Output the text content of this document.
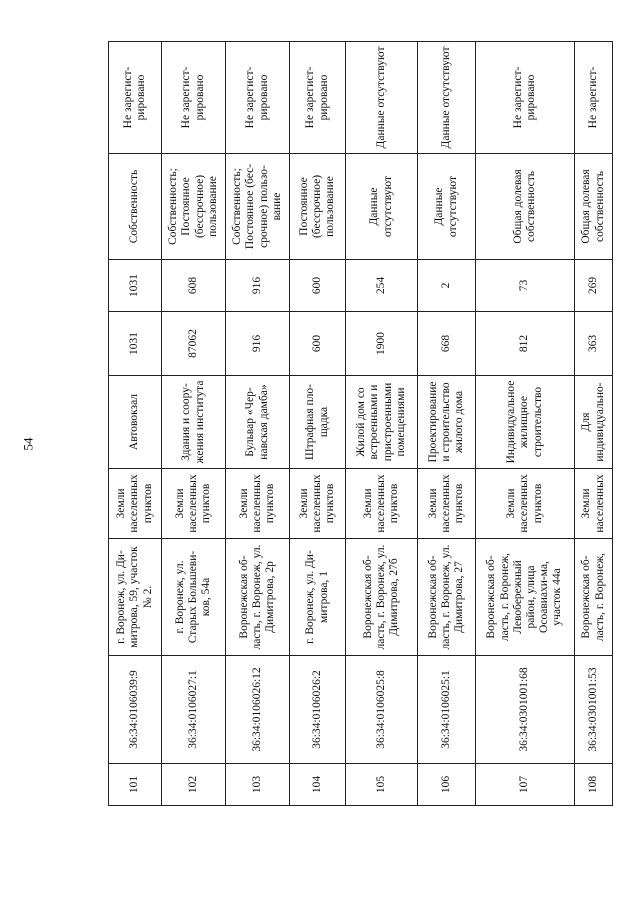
54
101	36:34:0106039:9	г. Воронеж, ул. Ди-митрова, 59, участок № 2.	Земли населенных пунктов	Автовокзал	1031	1031	Собственность	Не зарегист-рировано
102	36:34:0106027:1	г. Воронеж, ул. Старых Большеви-ков, 54а	Земли населенных пунктов	Здания и соору-жения института	87062	608	Собственность; Постоянное (бессрочное) пользование	Не зарегист-рировано
103	36:34:0106026:12	Воронежская об-ласть, г. Воронеж, ул. Димитрова, 2р	Земли населенных пунктов	Бульвар «Чер-навская дамба»	916	916	Собственность; Постоянное (бес-срочное) пользо-вание	Не зарегист-рировано
104	36:34:0106026:2	г. Воронеж, ул. Ди-митрова, 1	Земли населенных пунктов	Штрафная пло-щадка	600	600	Постоянное (бессрочное) пользование	Не зарегист-рировано
105	36:34:0106025:8	Воронежская об-ласть, г. Воронеж, ул. Димитрова, 27б	Земли населенных пунктов	Жилой дом со встроенными и пристроенными помещениями	1900	254	Данные отсутствуют	Данные отсутствуют
106	36:34:0106025:1	Воронежская об-ласть, г. Воронеж, ул. Димитрова, 27	Земли населенных пунктов	Проектирование и строительство жилого дома	668	2	Данные отсутствуют	Данные отсутствуют
107	36:34:0301001:68	Воронежская об-ласть, г. Воронеж, Левобережный район, улица Осоавиахи-ма, участок 44а	Земли населенных пунктов	Индивидуальное жилищное строительство	812	73	Общая долевая собственность	Не зарегист-рировано
108	36:34:0301001:53	Воронежская об-ласть, г. Воронеж,	Земли населенных	Для индивидуально-	363	269	Общая долевая собственность	Не зарегист-
